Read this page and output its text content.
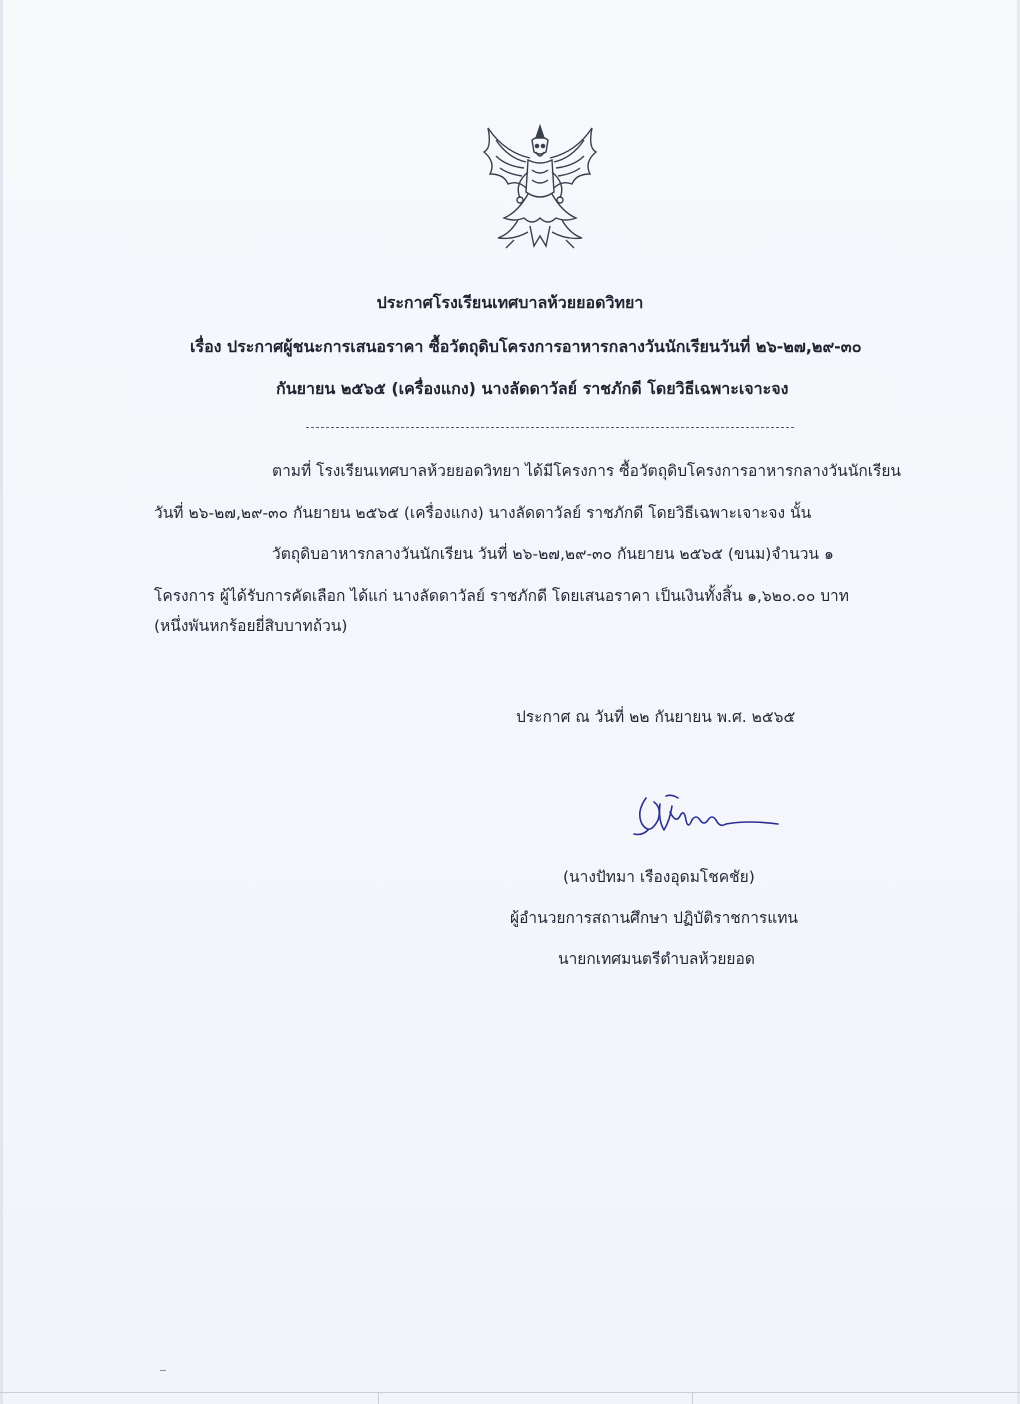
ประกาศโรงเรียนเทศบาลห้วยยอดวิทยา
เรื่อง ประกาศผู้ชนะการเสนอราคา ซื้อวัตถุดิบโครงการอาหารกลางวันนักเรียนวันที่ ๒๖-๒๗,๒๙-๓๐
กันยายน ๒๕๖๕ (เครื่องแกง) นางลัดดาวัลย์ ราชภักดี โดยวิธีเฉพาะเจาะจง
ตามที่ โรงเรียนเทศบาลห้วยยอดวิทยา ได้มีโครงการ ซื้อวัตถุดิบโครงการอาหารกลางวันนักเรียน
วันที่ ๒๖-๒๗,๒๙-๓๐ กันยายน ๒๕๖๕ (เครื่องแกง) นางลัดดาวัลย์ ราชภักดี โดยวิธีเฉพาะเจาะจง นั้น
วัตถุดิบอาหารกลางวันนักเรียน วันที่ ๒๖-๒๗,๒๙-๓๐ กันยายน ๒๕๖๕ (ขนม)จำนวน ๑
โครงการ ผู้ได้รับการคัดเลือก ได้แก่ นางลัดดาวัลย์ ราชภักดี โดยเสนอราคา เป็นเงินทั้งสิ้น ๑,๖๒๐.๐๐ บาท
(หนึ่งพันหกร้อยยี่สิบบาทถ้วน)
ประกาศ ณ วันที่ ๒๒ กันยายน พ.ศ. ๒๕๖๕
(นางปัทมา เรืองอุดมโชคชัย)
ผู้อำนวยการสถานศึกษา ปฏิบัติราชการแทน
นายกเทศมนตรีตำบลห้วยยอด
